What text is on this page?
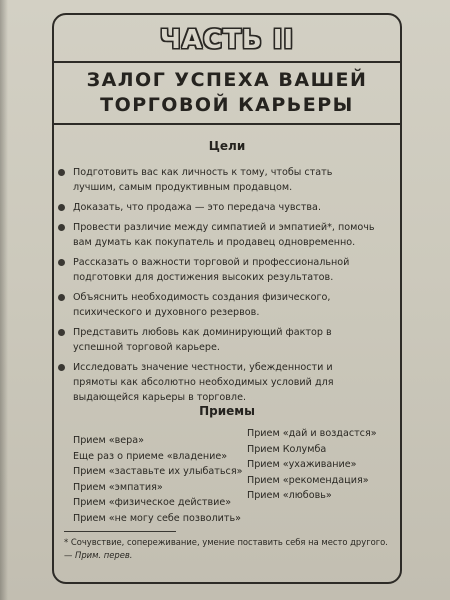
ЧАСТЬ II
ЗАЛОГ УСПЕХА ВАШЕЙ
ТОРГОВОЙ КАРЬЕРЫ
Цели
Подготовить вас как личность к тому, чтобы стать лучшим, самым продуктивным продавцом.
Доказать, что продажа — это передача чувства.
Провести различие между симпатией и эмпатией*, помочь вам думать как покупатель и продавец одновременно.
Рассказать о важности торговой и профессиональной подготовки для достижения высоких результатов.
Объяснить необходимость создания физического, психического и духовного резервов.
Представить любовь как доминирующий фактор в успешной торговой карьере.
Исследовать значение честности, убежденности и прямоты как абсолютно необходимых условий для выдающейся карьеры в торговле.
Приемы
Прием «вера»
Еще раз о приеме «владение»
Прием «заставьте их улыбаться»
Прием «эмпатия»
Прием «физическое действие»
Прием «не могу себе позволить»
Прием «дай и воздастся»
Прием Колумба
Прием «ухаживание»
Прием «рекомендация»
Прием «любовь»
* Сочувствие, сопереживание, умение поставить себя на место другого. — Прим. перев.
